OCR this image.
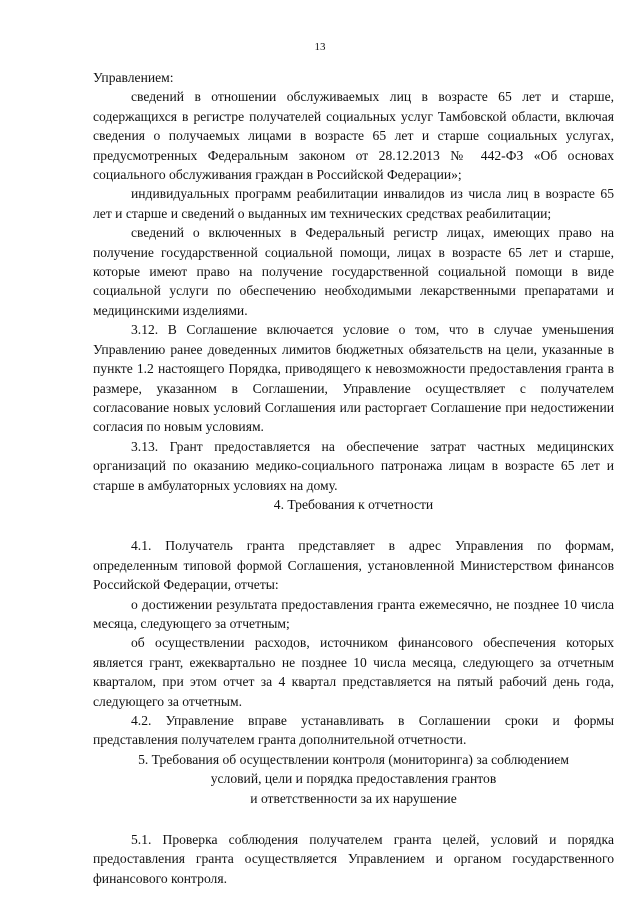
13

Управлением:

сведений в отношении обслуживаемых лиц в возрасте 65 лет и старше, содержащихся в регистре получателей социальных услуг Тамбовской области, включая сведения о получаемых лицами в возрасте 65 лет и старше социальных услугах, предусмотренных Федеральным законом от 28.12.2013 № 442-ФЗ «Об основах социального обслуживания граждан в Российской Федерации»;

индивидуальных программ реабилитации инвалидов из числа лиц в возрасте 65 лет и старше и сведений о выданных им технических средствах реабилитации;

сведений о включенных в Федеральный регистр лицах, имеющих право на получение государственной социальной помощи, лицах в возрасте 65 лет и старше, которые имеют право на получение государственной социальной помощи в виде социальной услуги по обеспечению необходимыми лекарственными препаратами и медицинскими изделиями.

3.12. В Соглашение включается условие о том, что в случае уменьшения Управлению ранее доведенных лимитов бюджетных обязательств на цели, указанные в пункте 1.2 настоящего Порядка, приводящего к невозможности предоставления гранта в размере, указанном в Соглашении, Управление осуществляет с получателем согласование новых условий Соглашения или расторгает Соглашение при недостижении согласия по новым условиям.

3.13. Грант предоставляется на обеспечение затрат частных медицинских организаций по оказанию медико-социального патронажа лицам в возрасте 65 лет и старше в амбулаторных условиях на дому.

4. Требования к отчетности

4.1. Получатель гранта представляет в адрес Управления по формам, определенным типовой формой Соглашения, установленной Министерством финансов Российской Федерации, отчеты:

о достижении результата предоставления гранта ежемесячно, не позднее 10 числа месяца, следующего за отчетным;

об осуществлении расходов, источником финансового обеспечения которых является грант, ежеквартально не позднее 10 числа месяца, следующего за отчетным кварталом, при этом отчет за 4 квартал представляется на пятый рабочий день года, следующего за отчетным.

4.2. Управление вправе устанавливать в Соглашении сроки и формы представления получателем гранта дополнительной отчетности.

5. Требования об осуществлении контроля (мониторинга) за соблюдением
условий, цели и порядка предоставления грантов
и ответственности за их нарушение

5.1. Проверка соблюдения получателем гранта целей, условий и порядка предоставления гранта осуществляется Управлением и органом государственного финансового контроля.
